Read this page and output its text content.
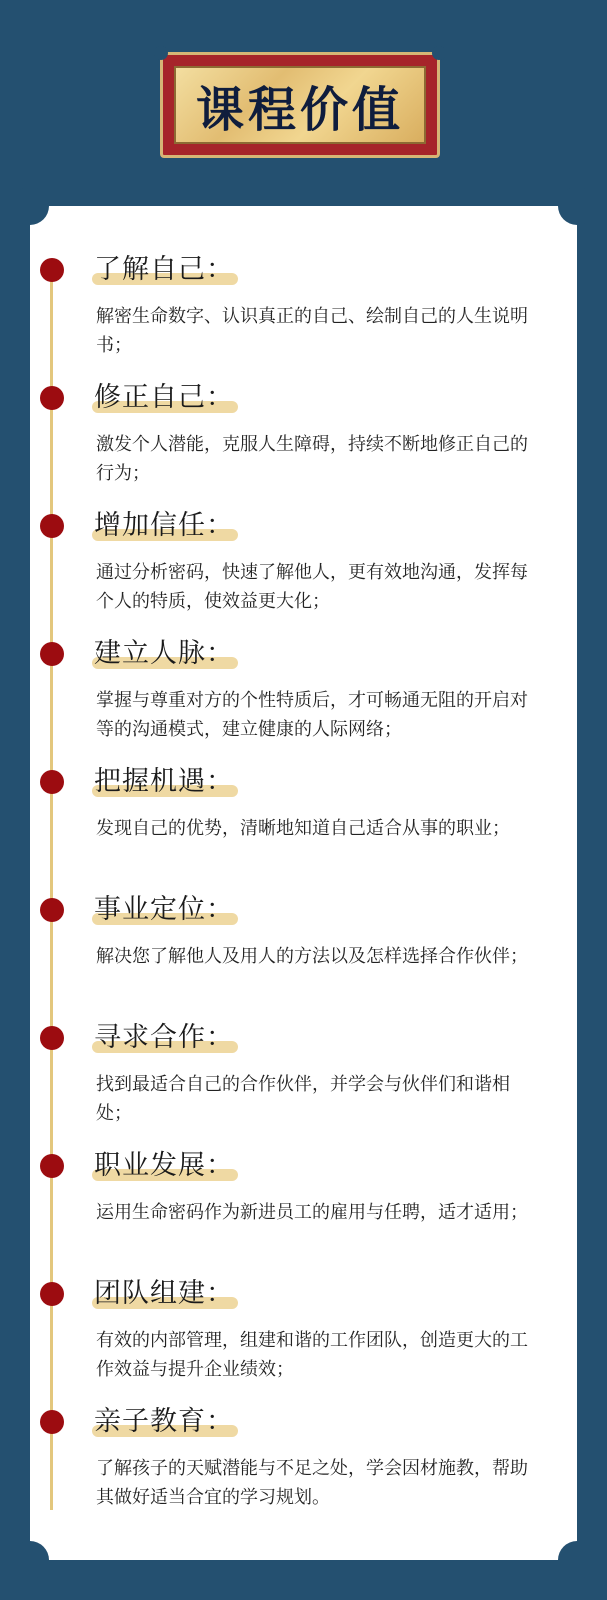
课程价值
了解自己：
解密生命数字、认识真正的自己、绘制自己的人生说明书；
修正自己：
激发个人潜能，克服人生障碍，持续不断地修正自己的行为；
增加信任：
通过分析密码，快速了解他人，更有效地沟通，发挥每个人的特质，使效益更大化；
建立人脉：
掌握与尊重对方的个性特质后，才可畅通无阻的开启对等的沟通模式，建立健康的人际网络；
把握机遇：
发现自己的优势，清晰地知道自己适合从事的职业；
事业定位：
解决您了解他人及用人的方法以及怎样选择合作伙伴；
寻求合作：
找到最适合自己的合作伙伴，并学会与伙伴们和谐相处；
职业发展：
运用生命密码作为新进员工的雇用与任聘，适才适用；
团队组建：
有效的内部管理，组建和谐的工作团队，创造更大的工作效益与提升企业绩效；
亲子教育：
了解孩子的天赋潜能与不足之处，学会因材施教，帮助其做好适当合宜的学习规划。
